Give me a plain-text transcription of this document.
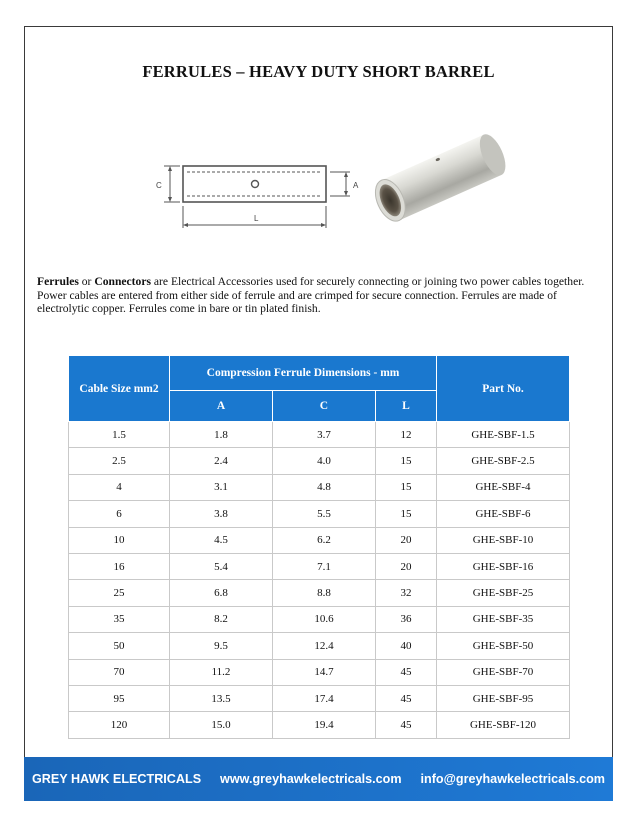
FERRULES – HEAVY DUTY SHORT BARREL
C	A
L
Ferrules or Connectors are Electrical Accessories used for securely connecting or joining two power cables together. Power cables are entered from either side of ferrule and are crimped for secure connection. Ferrules are made of electrolytic copper. Ferrules come in bare or tin plated finish.
Cable Size mm2	Compression Ferrule Dimensions - mm			Part No.
	A	C	L	
1.5	1.8	3.7	12	GHE-SBF-1.5
2.5	2.4	4.0	15	GHE-SBF-2.5
4	3.1	4.8	15	GHE-SBF-4
6	3.8	5.5	15	GHE-SBF-6
10	4.5	6.2	20	GHE-SBF-10
16	5.4	7.1	20	GHE-SBF-16
25	6.8	8.8	32	GHE-SBF-25
35	8.2	10.6	36	GHE-SBF-35
50	9.5	12.4	40	GHE-SBF-50
70	11.2	14.7	45	GHE-SBF-70
95	13.5	17.4	45	GHE-SBF-95
120	15.0	19.4	45	GHE-SBF-120
GREY HAWK ELECTRICALS www.greyhawkelectricals.com info@greyhawkelectricals.com
